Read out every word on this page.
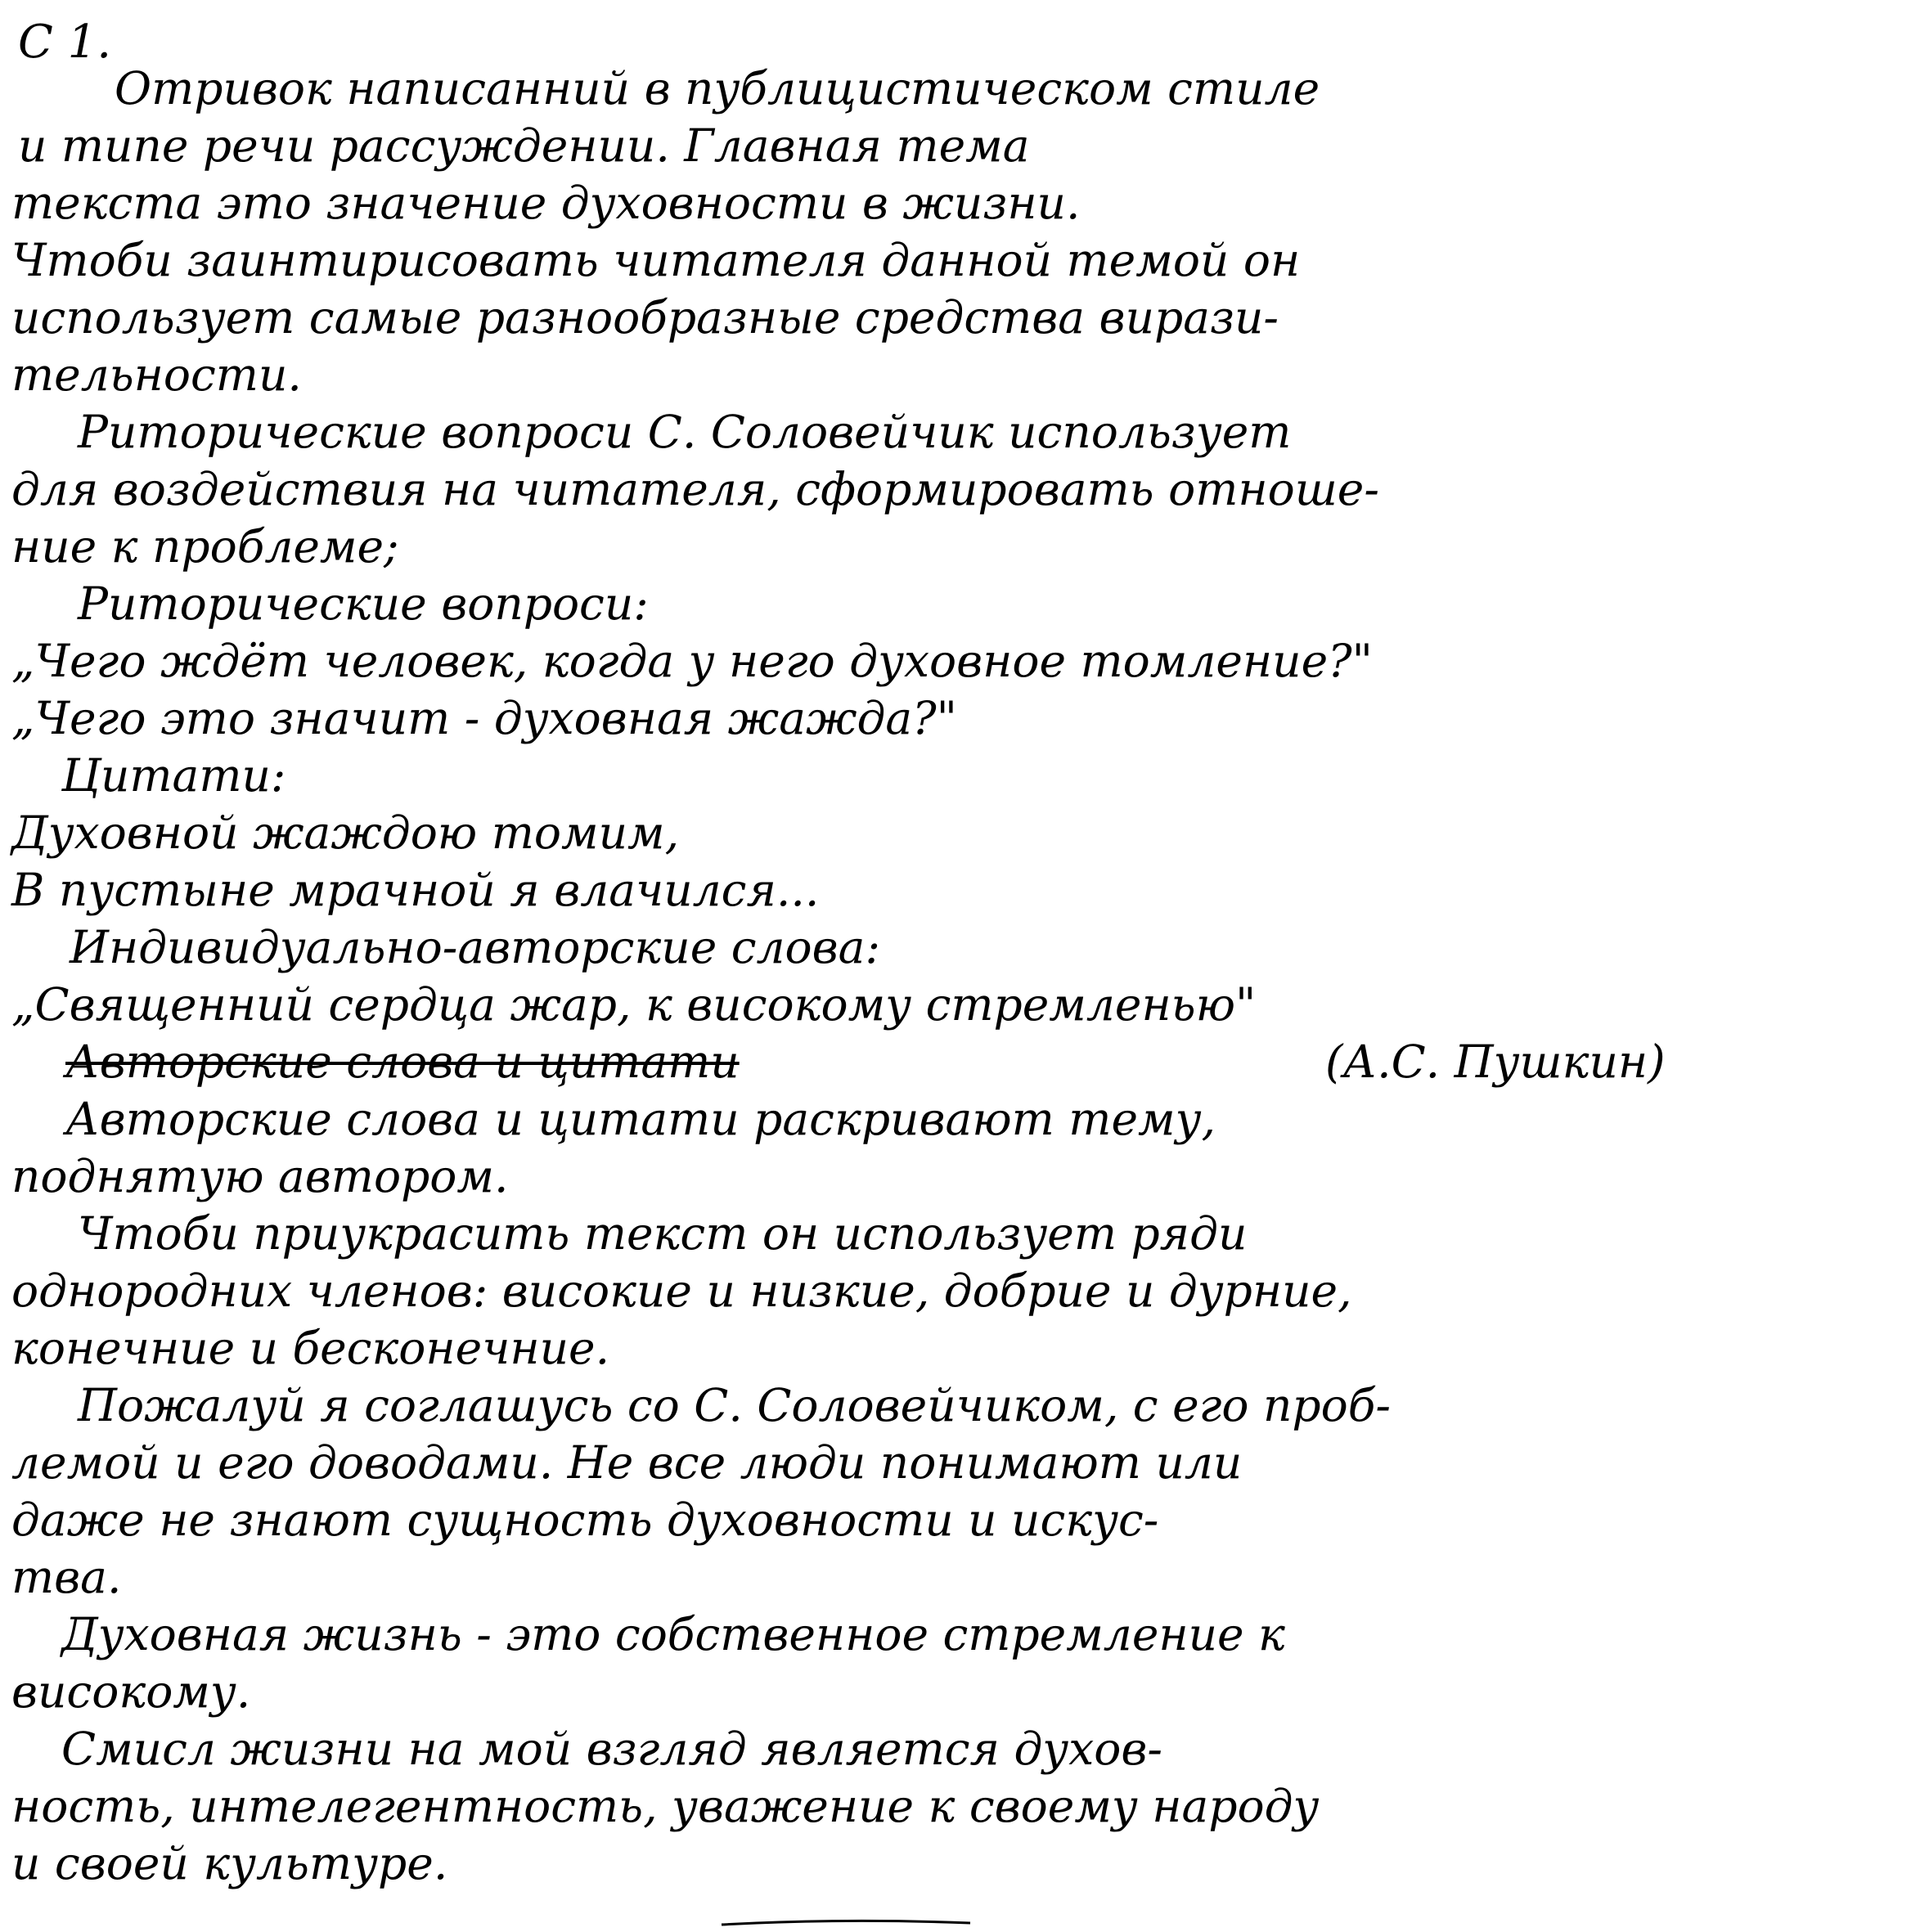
С 1.
Отривок написанний в публицистическом стиле
и типе речи рассуждении. Главная тема
текста это значение духовности в жизни.
Чтоби заинтирисовать читателя данной темой он
использует самые разнообразные средства вирази-
тельности.
Риторические вопроси С. Соловейчик использует
для воздействия на читателя, сформировать отноше-
ние к проблеме;
Риторические вопроси:
„Чего ждёт человек, когда у него духовное томление?"
„Чего это значит - духовная жажда?"
Цитати:
Духовной жаждою томим,
В пустыне мрачной я влачился...
Индивидуально-авторские слова:
„Священний сердца жар, к високому стремленью"
Авторские слова и цитати	(А.С. Пушкин)
Авторские слова и цитати раскривают тему,
поднятую автором.
Чтоби приукрасить текст он использует ряди
однородних членов: високие и низкие, добрие и дурние,
конечние и бесконечние.
Пожалуй я соглашусь со С. Соловейчиком, с его проб-
лемой и его доводами. Не все люди понимают или
даже не знают сущность духовности и искус-
тва.
Духовная жизнь - это собственное стремление к
високому.
Смисл жизни на мой взгляд является духов-
ность, интелегентность, уважение к своему народу
и своей культуре.
